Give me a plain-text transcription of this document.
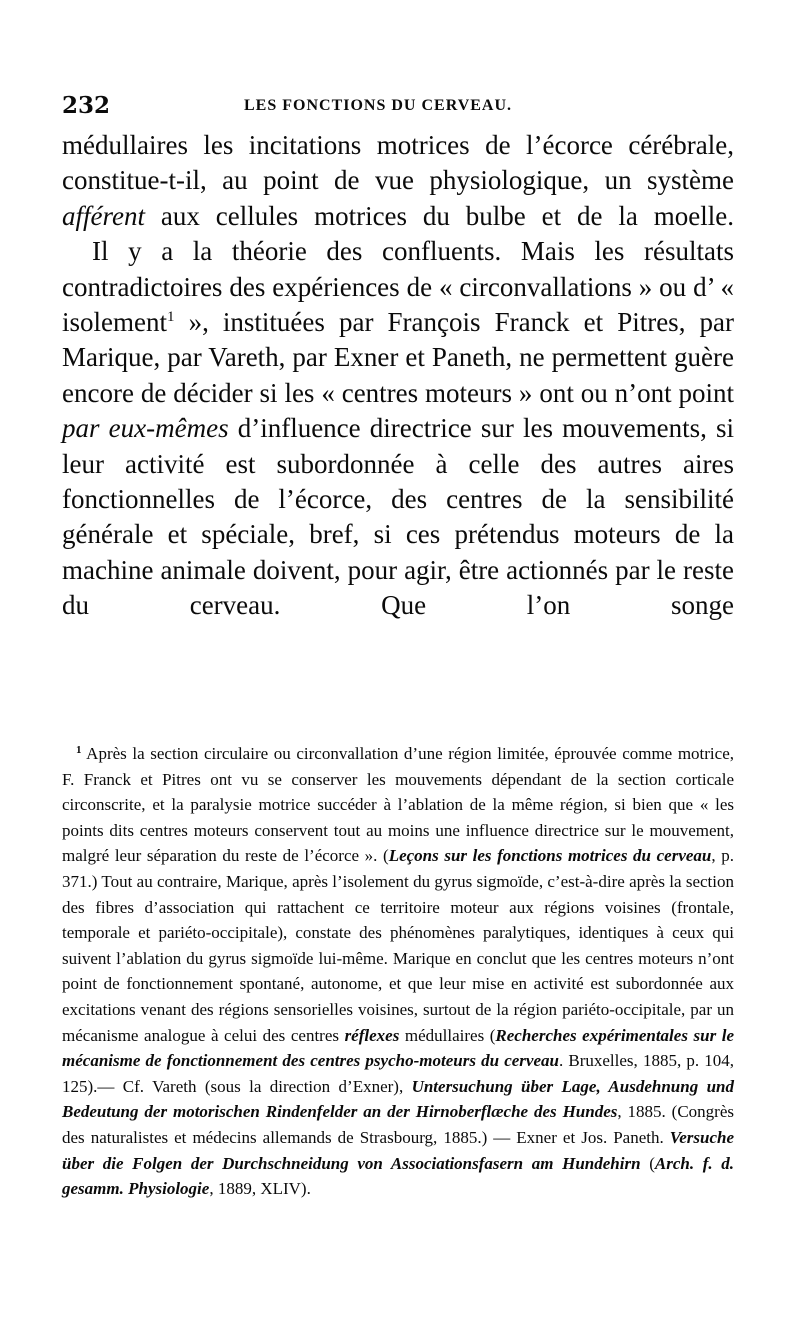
232	LES FONCTIONS DU CERVEAU.

médullaires les incitations motrices de l’écorce cérébrale, constitue-t-il, au point de vue physiologique, un système afférent aux cellules motrices du bulbe et de la moelle.

Il y a la théorie des confluents. Mais les résultats contradictoires des expériences de « circonvallations » ou d’ « isolement$^1$ », instituées par François Franck et Pitres, par Marique, par Vareth, par Exner et Paneth, ne permettent guère encore de décider si les « centres moteurs » ont ou n’ont point par eux-mêmes d’influence directrice sur les mouvements, si leur activité est subordonnée à celle des autres aires fonctionnelles de l’écorce, des centres de la sensibilité générale et spéciale, bref, si ces prétendus moteurs de la machine animale doivent, pour agir, être actionnés par le reste du cerveau. Que l’on songe

$^1$ Après la section circulaire ou circonvallation d’une région limitée, éprouvée comme motrice, F. Franck et Pitres ont vu se conserver les mouvements dépendant de la section corticale circonscrite, et la paralysie motrice succéder à l’ablation de la même région, si bien que « les points dits centres moteurs conservent tout au moins une influence directrice sur le mouvement, malgré leur séparation du reste de l’écorce ». (Leçons sur les fonctions motrices du cerveau, p. 371.) Tout au contraire, Marique, après l’isolement du gyrus sigmoïde, c’est-à-dire après la section des fibres d’association qui rattachent ce territoire moteur aux régions voisines (frontale, temporale et pariéto-occipitale), constate des phénomènes paralytiques, identiques à ceux qui suivent l’ablation du gyrus sigmoïde lui-même. Marique en conclut que les centres moteurs n’ont point de fonctionnement spontané, autonome, et que leur mise en activité est subordonnée aux excitations venant des régions sensorielles voisines, surtout de la région pariéto-occipitale, par un mécanisme analogue à celui des centres réflexes médullaires (Recherches expérimentales sur le mécanisme de fonctionnement des centres psycho-moteurs du cerveau. Bruxelles, 1885, p. 104, 125).— Cf. Vareth (sous la direction d’Exner), Untersuchung über Lage, Ausdehnung und Bedeutung der motorischen Rindenfelder an der Hirnoberflæche des Hundes, 1885. (Congrès des naturalistes et médecins allemands de Strasbourg, 1885.) — Exner et Jos. Paneth. Versuche über die Folgen der Durchschneidung von Associationsfasern am Hundehirn (Arch. f. d. gesamm. Physiologie, 1889, XLIV).
